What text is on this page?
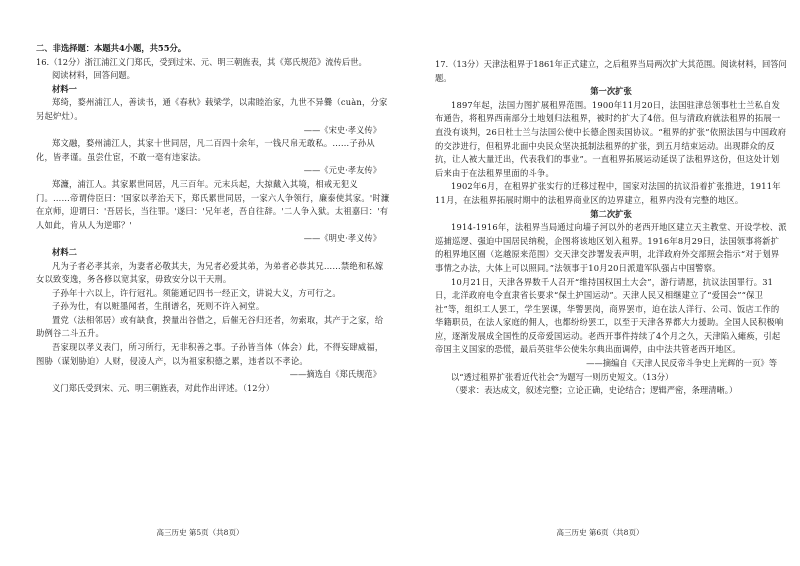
二、非选择题：本题共4小题，共55分。

16.（12分）浙江浦江义门郑氏，受到过宋、元、明三朝旌表，其《郑氏规范》流传后世。

阅读材料，回答问题。

材料一

郑绮，婺州浦江人，善读书，通《春秋》载梁学，以肃睦治家，九世不异爨（cuàn，分家另起炉灶）。

——《宋史·孝义传》

郑文融，婺州浦江人，其家十世同居，凡二百四十余年，一钱尺帛无敢私。……子孙从化，皆孝谨。虽尝仕宦，不敢一毫有违家法。

——《元史·孝友传》

郑濂，浦江人。其家累世同居，凡三百年。元末兵起，大掠戴入其境，相戒无犯义门。……帝谓侍臣曰：'国家以孝治天下，郑氏累世同居，一家六人争领行，廉泰使其家。'时濂在京师，迎谓曰：'吾居长，当往罪。'遂曰：'兄年老，吾自往辞。'二人争入狱。太祖嘉曰：'有人如此，肯从人为逆耶？'

——《明史·孝义传》

材料二

凡为子者必孝其亲，为妻者必敬其夫，为兄者必爱其弟，为弟者必恭其兄……禁绝和私嫁女以致变逸，务各修以宽其家，毋致安分以干天刑。

子孙年十六以上，许行冠礼。须能通记四书一经正文，讲说大义，方可行之。

子孙为仕，有以赃墨闻者，生削谱名，死则不许入祠堂。

置党（法相邻居）或有缺食，揆量出谷借之，后催无谷归还者，勿索取，其产于之家，给助例谷二斗五升。

吾家现以孝义表门，所习所行，无非积善之事。子孙皆当体（体会）此，不得妄肆威福，图胁（谋划胁迫）人财，侵凌人产，以为祖家积德之累，违者以不孝论。

——摘选自《郑氏规范》

义门郑氏受到宋、元、明三朝旌表，对此作出评述。（12分）

高三历史 第5页（共8页）

17.（13分）天津法租界于1861年正式建立，之后租界当局两次扩大其范围。阅读材料，回答问题。

第一次扩张

1897年起，法国力图扩展租界范围。1900年11月20日，法国驻津总领事杜士兰私自发布通告，将租界西南部分土地划归法租界，被时约扩大了4倍。但与清政府就法租界的拓展一直没有谈判，26日杜士兰与法国公使中长德企图卖国协议。“租界的扩张”依照法国与中国政府的交涉进行，但租界北面中央民众坚决抵制法租界的扩张，到五月结束运动。出现群众的反抗，让人被大量迁出，代表我们的事业”。一直租界拓展运动延误了法租界这份，但这处计划后来由于在法租界里面的斗争。

1902年6月，在租界扩张实行的迁移过程中，国家对法国的抗议沿着扩张推进，1911年11月，在法租界拓展时期中的法租界商业区的边界建立，租界内没有完整的地区。

第二次扩张

1914-1916年，法租界当局通过向墙子河以外的老西开地区建立天主教堂、开设学校、派巡捕巡逻、强迫中国居民纳税，企图将该地区划入租界。1916年8月29日，法国领事将新扩的租界地区圈（迄越原来范围）交天津交涉署发表声明，北洋政府外交部照会指示“对于划界事情之办法，大体上可以照同。”法领事于10月20日派遣军队强占中国警察。

10月21日，天津各界数千人召开“维持国权国土大会”，游行请愿，抗议法国罪行。31日，北洋政府电令直隶省长要求“保土护国运动”。天津人民又相继建立了“爱国会”“保卫社”等，组织工人罢工，学生罢课，华警罢岗，商界罢市，迫在法人洋行、公司、饭店工作的华籍职员，在法人家庭的佣人，也都纷纷罢工，以至于天津各界都大力援助。全国人民积极响应，逐渐发展成全国性的反帝爱国运动。老西开事件持续了4个月之久，天津陷入瘫痪，引起帝国主义国家的恐慌，最后英驻华公使朱尔典出面调停，由中法共管老西开地区。

——摘编自《天津人民反帝斗争史上光辉的一页》等

以“透过租界扩张看近代社会”为题写一则历史短文。（13分）

（要求：表达成文，叙述完整；立论正确，史论结合；逻辑严密，条理清晰。）

高三历史 第6页（共8页）
